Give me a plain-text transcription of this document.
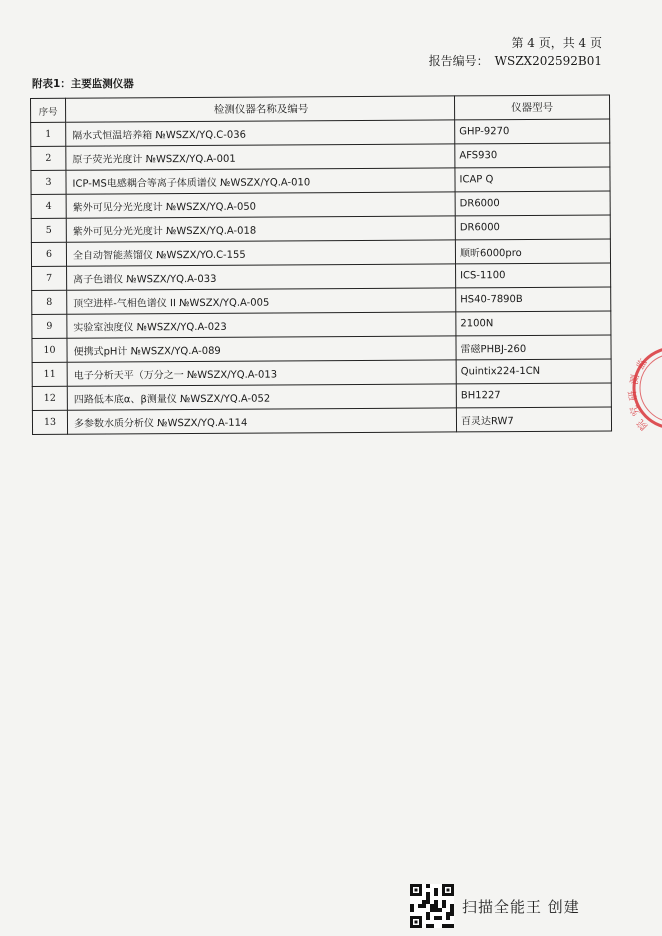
第 4 页，共 4 页
报告编号： WSZX202592B01
附表1：主要监测仪器
序号	检测仪器名称及编号	仪器型号
1	隔水式恒温培养箱 №WSZX/YQ.C-036	GHP-9270
2	原子荧光光度计 №WSZX/YQ.A-001	AFS930
3	ICP-MS电感耦合等离子体质谱仪 №WSZX/YQ.A-010	ICAP Q
4	紫外可见分光光度计 №WSZX/YQ.A-050	DR6000
5	紫外可见分光光度计 №WSZX/YQ.A-018	DR6000
6	全自动智能蒸馏仪 №WSZX/YO.C-155	顺昕6000pro
7	离子色谱仪 №WSZX/YQ.A-033	ICS-1100
8	顶空进样-气相色谱仪 II №WSZX/YQ.A-005	HS40-7890B
9	实验室浊度仪 №WSZX/YQ.A-023	2100N
10	便携式pH计 №WSZX/YQ.A-089	雷磁PHBJ-260
11	电子分析天平（万分之一 №WSZX/YQ.A-013	Quintix224-1CN
12	四路低本底α、β测量仪 №WSZX/YQ.A-052	BH1227
13	多参数水质分析仪 №WSZX/YQ.A-114	百灵达RW7
监
测
研
究
院
扫描全能王 创建
